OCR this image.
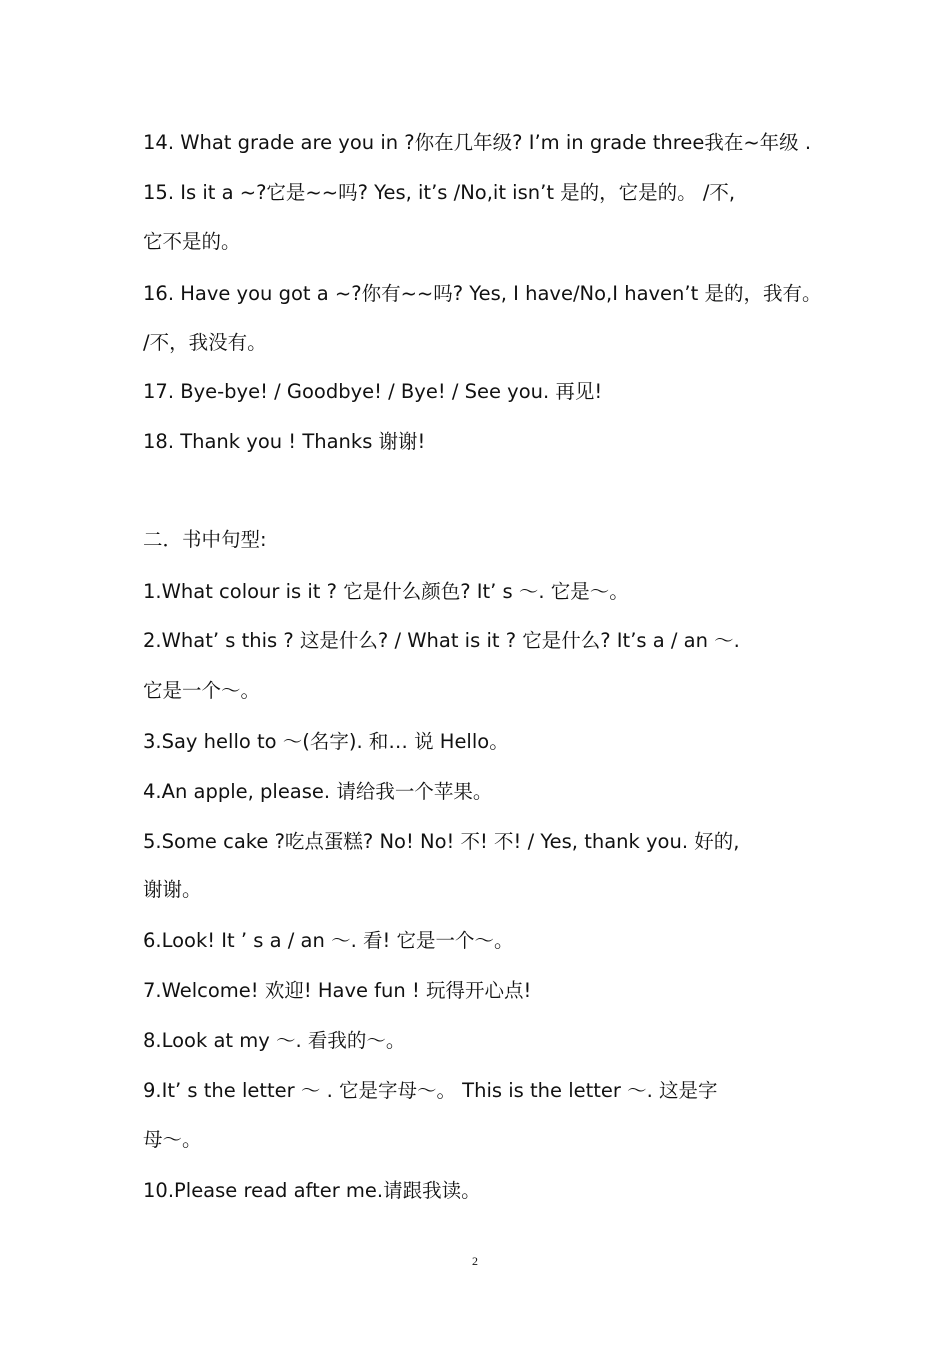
14. What grade are you in ?你在几年级? I’m in grade three我在~年级 .
15. Is it a ~?它是~~吗? Yes, it’s /No,it isn’t 是的，它是的。 /不,
它不是的。
16. Have you got a ~?你有~~吗? Yes, I have/No,I haven’t 是的，我有。
/不，我没有。
17. Bye-bye! / Goodbye! / Bye! / See you. 再见!
18. Thank you ! Thanks 谢谢!
二．书中句型:
1.What colour is it ? 它是什么颜色? It’ s ～. 它是～。
2.What’ s this ? 这是什么? / What is it ? 它是什么? It’s a / an ～.
它是一个～。
3.Say hello to ～(名字). 和… 说 Hello。
4.An apple, please. 请给我一个苹果。
5.Some cake ?吃点蛋糕? No! No! 不! 不! / Yes, thank you. 好的,
谢谢。
6.Look! It ’ s a / an ～. 看! 它是一个～。
7.Welcome! 欢迎! Have fun ! 玩得开心点!
8.Look at my ～. 看我的～。
9.It’ s the letter ～ . 它是字母～。 This is the letter ～. 这是字
母～。
10.Please read after me.请跟我读。
2
